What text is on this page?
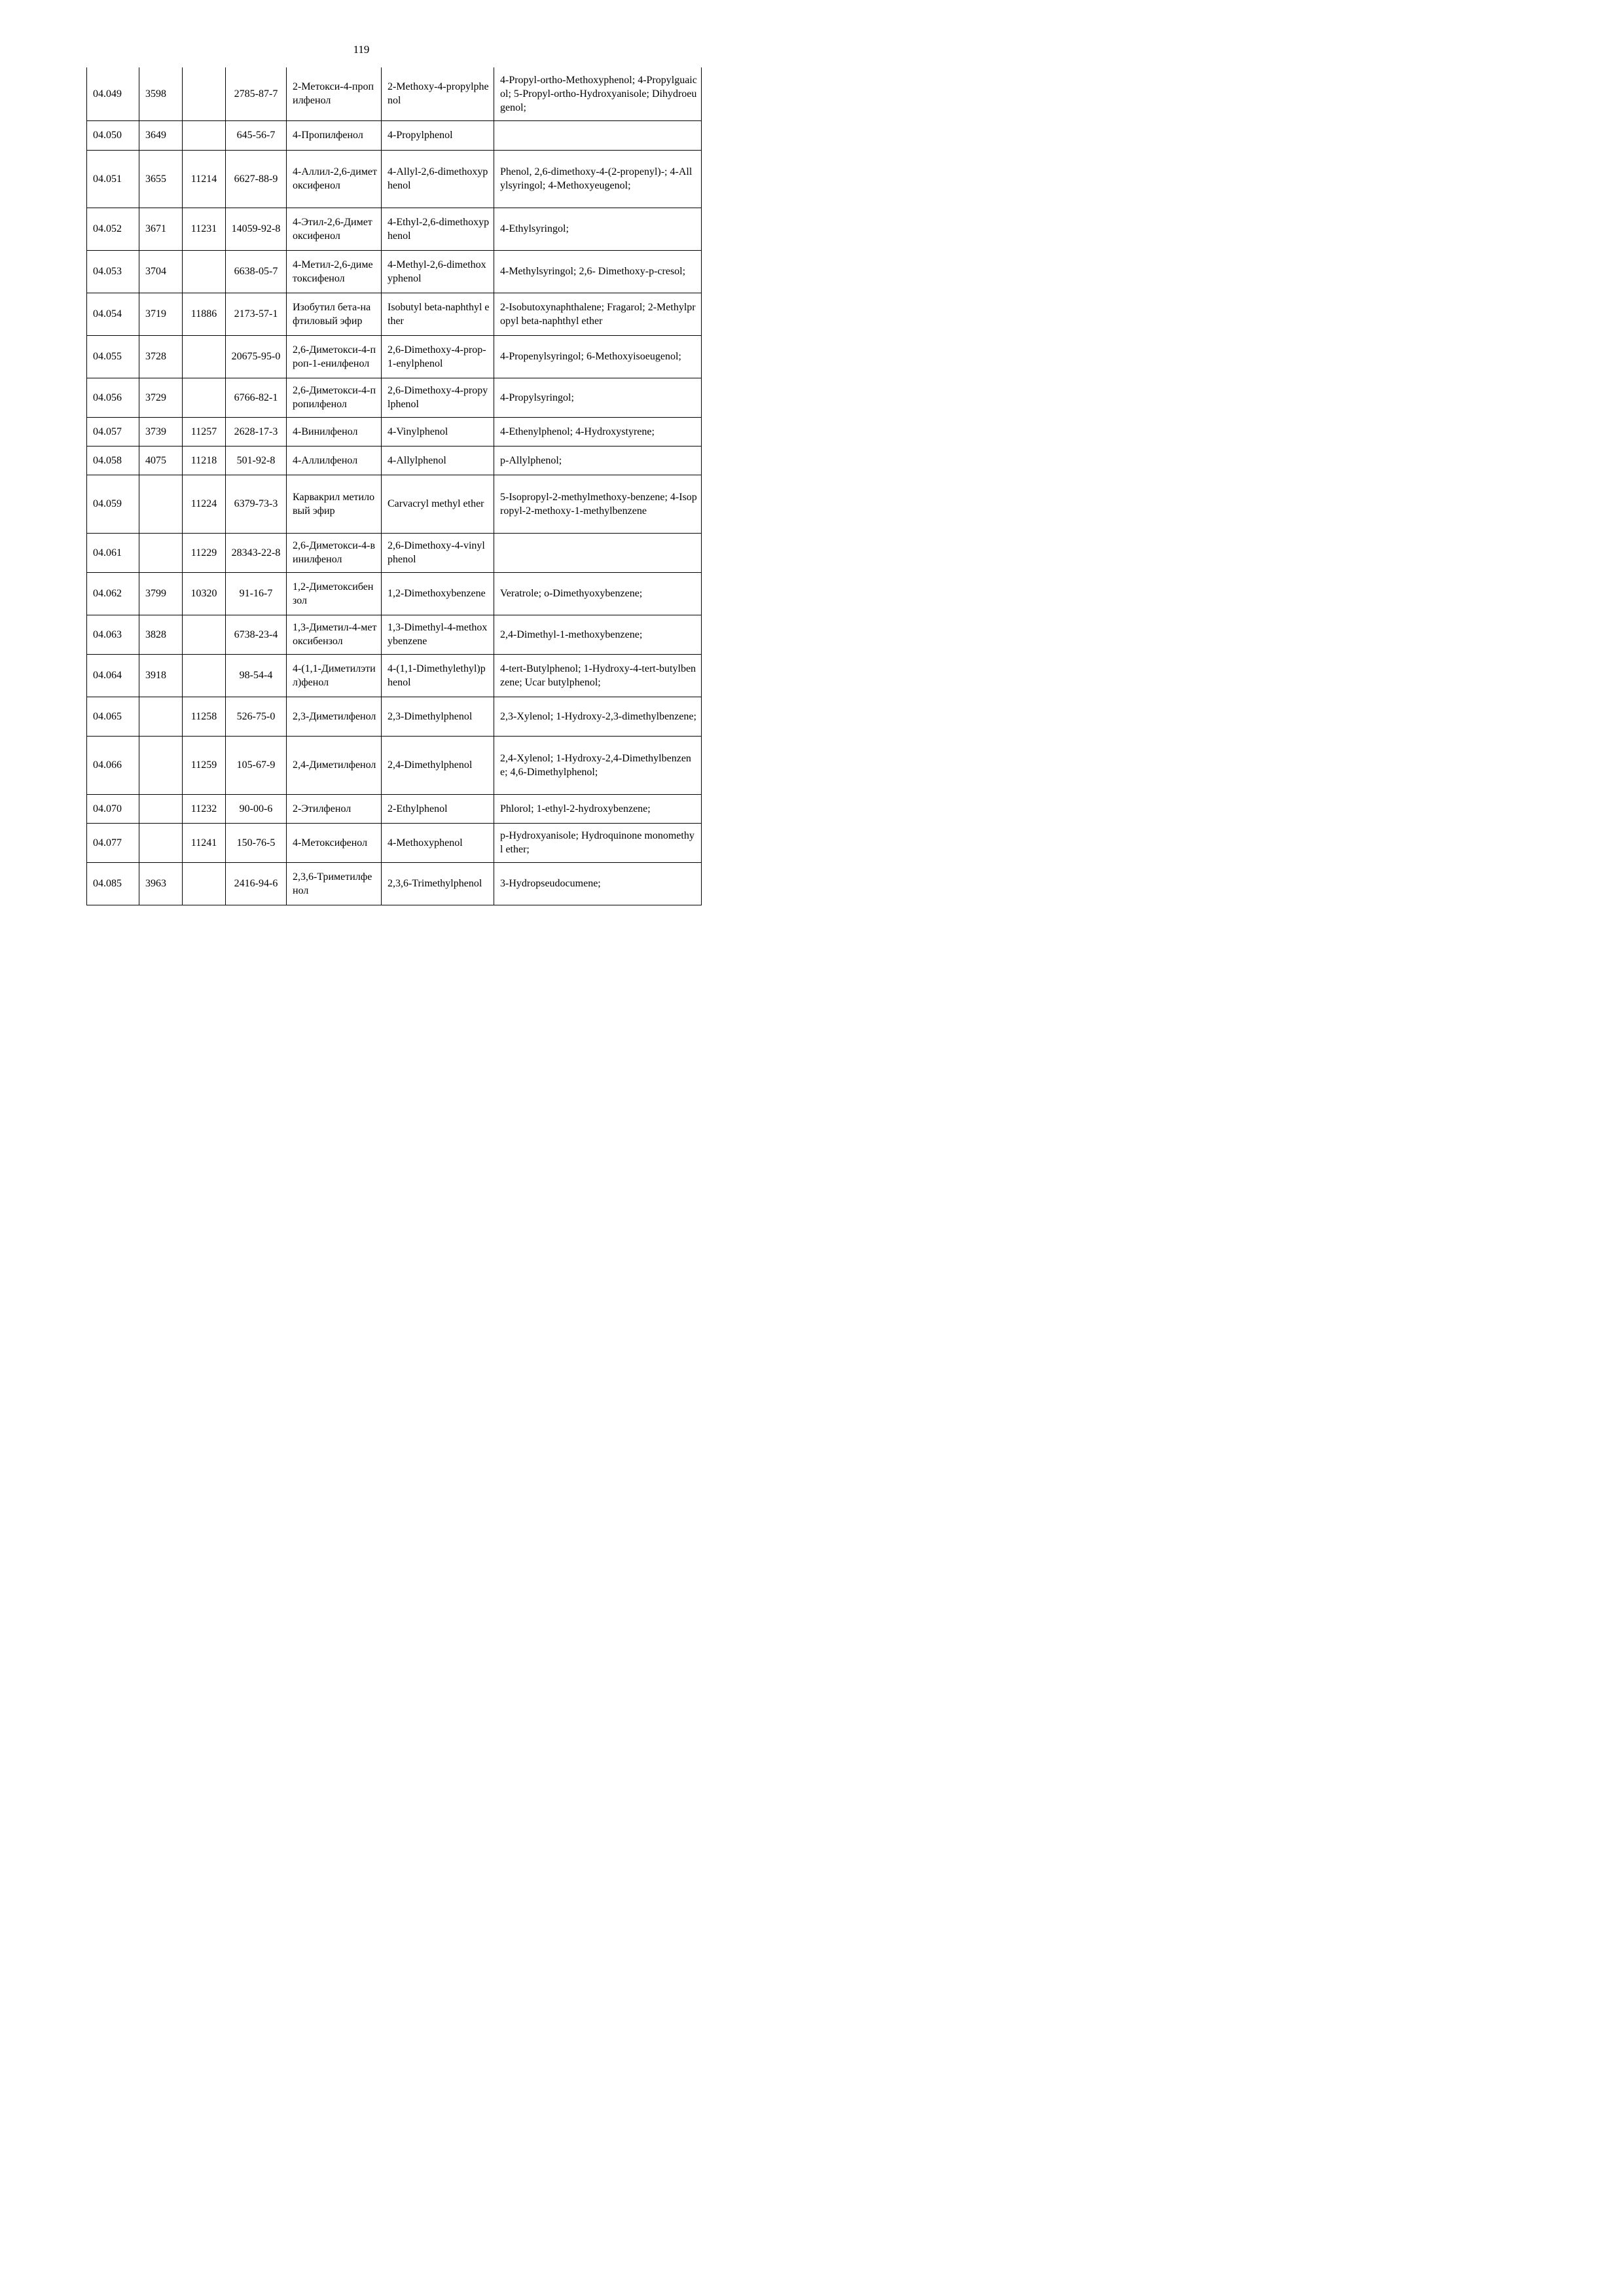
119
04.049	3598		2785-87-7	2-Метокси-4-пропилфенол	2-Methoxy-4-propylphenol	4-Propyl-ortho-Methoxyphenol; 4-Propylguaicol; 5-Propyl-ortho-Hydroxyanisole; Dihydroeugenol;
04.050	3649		645-56-7	4-Пропилфенол	4-Propylphenol	
04.051	3655	11214	6627-88-9	4-Аллил-2,6-диметоксифенол	4-Allyl-2,6-dimethoxyphenol	Phenol, 2,6-dimethoxy-4-(2-propenyl)-; 4-Allylsyringol; 4-Methoxyeugenol;
04.052	3671	11231	14059-92-8	4-Этил-2,6-Диметоксифенол	4-Ethyl-2,6-dimethoxyphenol	4-Ethylsyringol;
04.053	3704		6638-05-7	4-Метил-2,6-диметоксифенол	4-Methyl-2,6-dimethoxyphenol	4-Methylsyringol; 2,6- Dimethoxy-p-cresol;
04.054	3719	11886	2173-57-1	Изобутил бета-нафтиловый эфир	Isobutyl beta-naphthyl ether	2-Isobutoxynaphthalene; Fragarol; 2-Methylpropyl beta-naphthyl ether
04.055	3728		20675-95-0	2,6-Диметокси-4-проп-1-енилфенол	2,6-Dimethoxy-4-prop-1-enylphenol	4-Propenylsyringol; 6-Methoxyisoeugenol;
04.056	3729		6766-82-1	2,6-Диметокси-4-пропилфенол	2,6-Dimethoxy-4-propylphenol	4-Propylsyringol;
04.057	3739	11257	2628-17-3	4-Винилфенол	4-Vinylphenol	4-Ethenylphenol; 4-Hydroxystyrene;
04.058	4075	11218	501-92-8	4-Аллилфенол	4-Allylphenol	p-Allylphenol;
04.059		11224	6379-73-3	Карвакрил метиловый эфир	Carvacryl methyl ether	5-Isopropyl-2-methylmethoxy-benzene; 4-Isopropyl-2-methoxy-1-methylbenzene
04.061		11229	28343-22-8	2,6-Диметокси-4-винилфенол	2,6-Dimethoxy-4-vinylphenol	
04.062	3799	10320	91-16-7	1,2-Диметоксибензол	1,2-Dimethoxybenzene	Veratrole; o-Dimethyoxybenzene;
04.063	3828		6738-23-4	1,3-Диметил-4-метоксибензол	1,3-Dimethyl-4-methoxybenzene	2,4-Dimethyl-1-methoxybenzene;
04.064	3918		98-54-4	4-(1,1-Диметилэтил)фенол	4-(1,1-Dimethylethyl)phenol	4-tert-Butylphenol; 1-Hydroxy-4-tert-butylbenzene; Ucar butylphenol;
04.065		11258	526-75-0	2,3-Диметилфенол	2,3-Dimethylphenol	2,3-Xylenol; 1-Hydroxy-2,3-dimethylbenzene;
04.066		11259	105-67-9	2,4-Диметилфенол	2,4-Dimethylphenol	2,4-Xylenol; 1-Hydroxy-2,4-Dimethylbenzene; 4,6-Dimethylphenol;
04.070		11232	90-00-6	2-Этилфенол	2-Ethylphenol	Phlorol; 1-ethyl-2-hydroxybenzene;
04.077		11241	150-76-5	4-Метоксифенол	4-Methoxyphenol	p-Hydroxyanisole; Hydroquinone monomethyl ether;
04.085	3963		2416-94-6	2,3,6-Триметилфенол	2,3,6-Trimethylphenol	3-Hydropseudocumene;
